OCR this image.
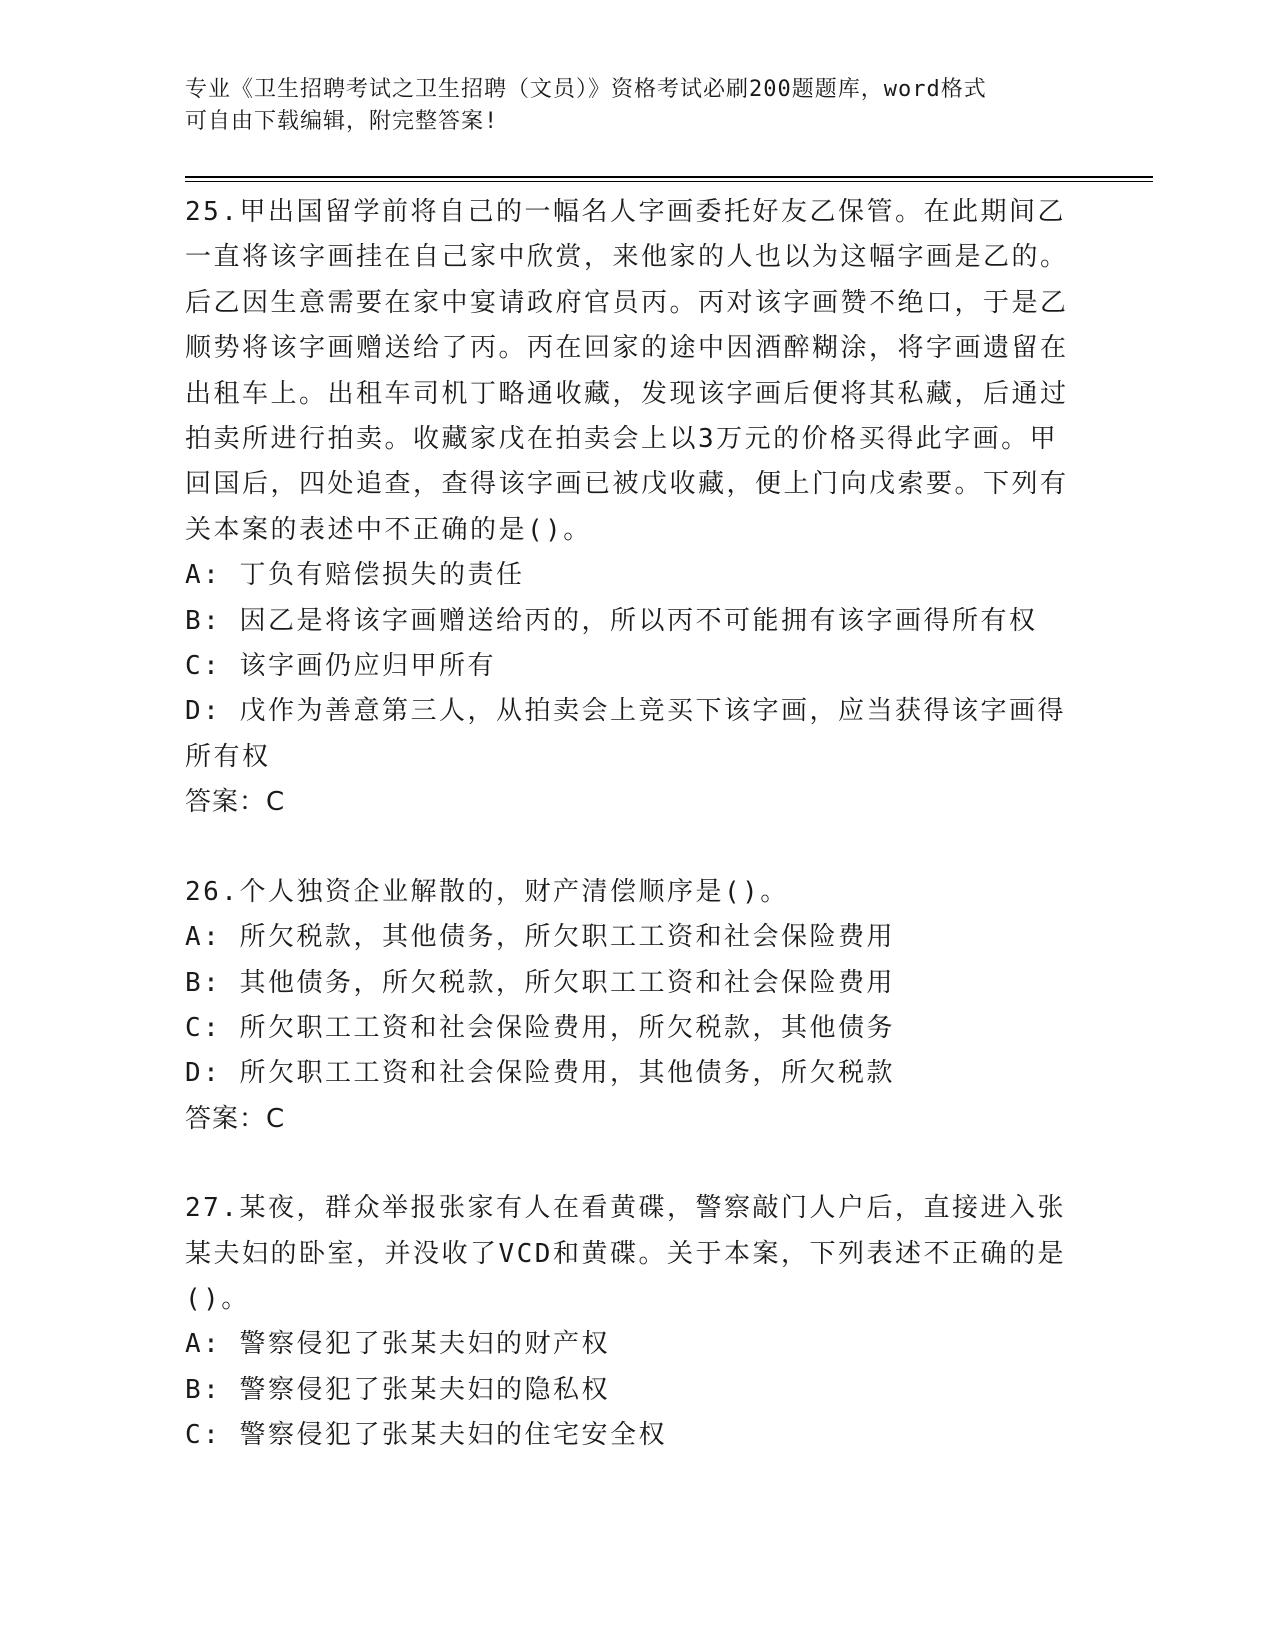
专业《卫生招聘考试之卫生招聘（文员）》资格考试必刷200题题库，word格式
可自由下载编辑，附完整答案!

25.甲出国留学前将自己的一幅名人字画委托好友乙保管。在此期间乙一直将该字画挂在自己家中欣赏，来他家的人也以为这幅字画是乙的。后乙因生意需要在家中宴请政府官员丙。丙对该字画赞不绝口，于是乙顺势将该字画赠送给了丙。丙在回家的途中因酒醉糊涂，将字画遗留在出租车上。出租车司机丁略通收藏，发现该字画后便将其私藏，后通过拍卖所进行拍卖。收藏家戊在拍卖会上以3万元的价格买得此字画。甲回国后，四处追查，查得该字画已被戊收藏，便上门向戊索要。下列有关本案的表述中不正确的是()。

A: 丁负有赔偿损失的责任

B: 因乙是将该字画赠送给丙的，所以丙不可能拥有该字画得所有权

C: 该字画仍应归甲所有

D: 戊作为善意第三人，从拍卖会上竞买下该字画，应当获得该字画得所有权

答案：C

26.个人独资企业解散的，财产清偿顺序是()。

A: 所欠税款，其他债务，所欠职工工资和社会保险费用

B: 其他债务，所欠税款，所欠职工工资和社会保险费用

C: 所欠职工工资和社会保险费用，所欠税款，其他债务

D: 所欠职工工资和社会保险费用，其他债务，所欠税款

答案：C

27.某夜，群众举报张家有人在看黄碟，警察敲门人户后，直接进入张某夫妇的卧室，并没收了VCD和黄碟。关于本案，下列表述不正确的是()。

A: 警察侵犯了张某夫妇的财产权

B: 警察侵犯了张某夫妇的隐私权

C: 警察侵犯了张某夫妇的住宅安全权
